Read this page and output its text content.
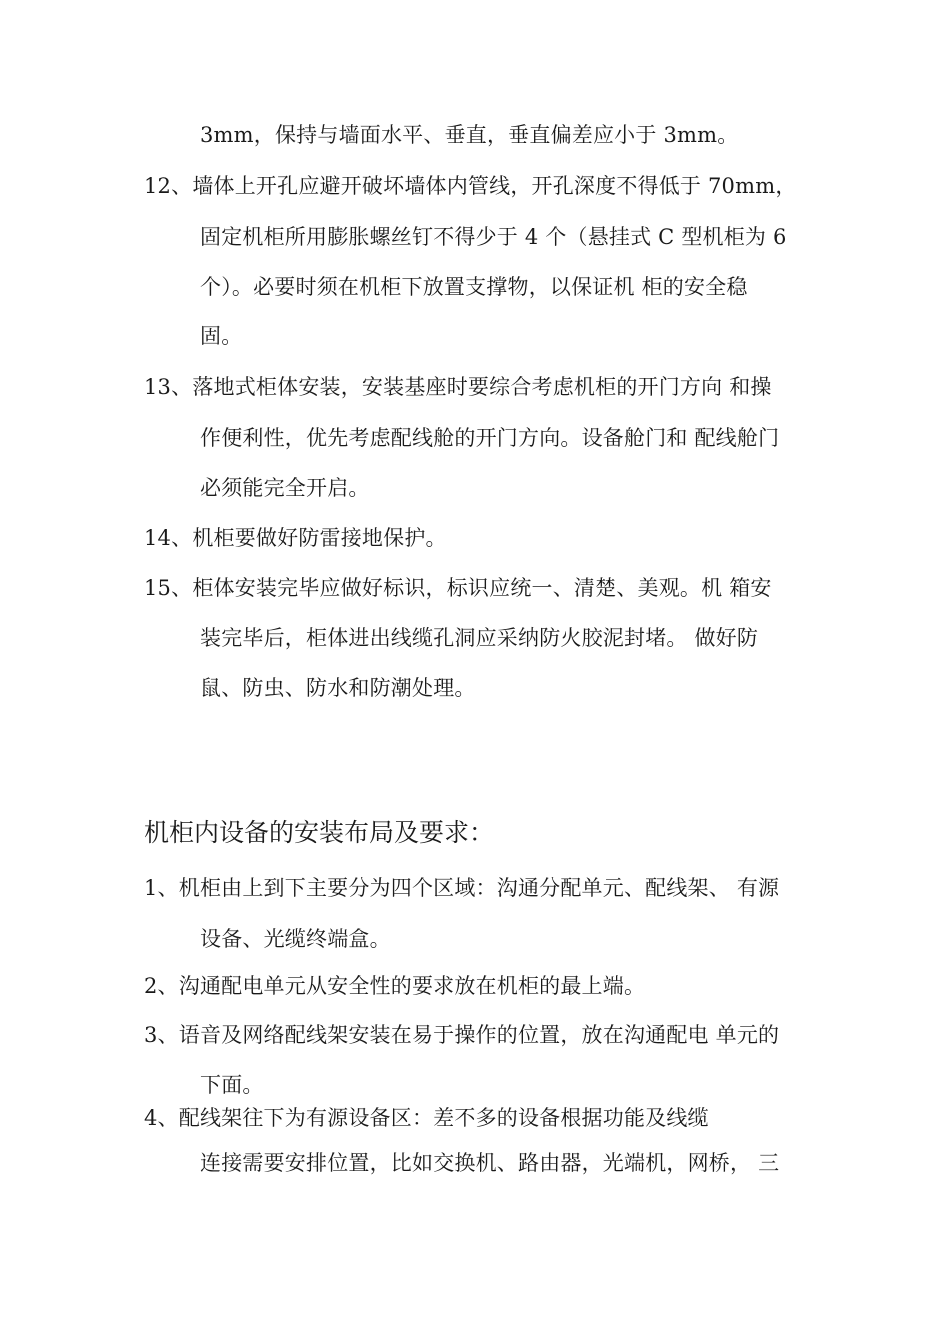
3mm，保持与墙面水平、垂直，垂直偏差应小于 3mm。
12、墙体上开孔应避开破坏墙体内管线，开孔深度不得低于 70mm，
固定机柜所用膨胀螺丝钉不得少于 4 个（悬挂式 C 型机柜为 6
个）。必要时须在机柜下放置支撑物，以保证机 柜的安全稳
固。
13、落地式柜体安装，安装基座时要综合考虑机柜的开门方向 和操
作便利性，优先考虑配线舱的开门方向。设备舱门和 配线舱门
必须能完全开启。
14、机柜要做好防雷接地保护。
15、柜体安装完毕应做好标识，标识应统一、清楚、美观。机 箱安
装完毕后，柜体进出线缆孔洞应采纳防火胶泥封堵。 做好防
鼠、防虫、防水和防潮处理。
机柜内设备的安装布局及要求：
1、机柜由上到下主要分为四个区域：沟通分配单元、配线架、 有源
设备、光缆终端盒。
2、沟通配电单元从安全性的要求放在机柜的最上端。
3、语音及网络配线架安装在易于操作的位置，放在沟通配电 单元的
下面。
4、配线架往下为有源设备区：差不多的设备根据功能及线缆
连接需要安排位置，比如交换机、路由器，光端机，网桥， 三
